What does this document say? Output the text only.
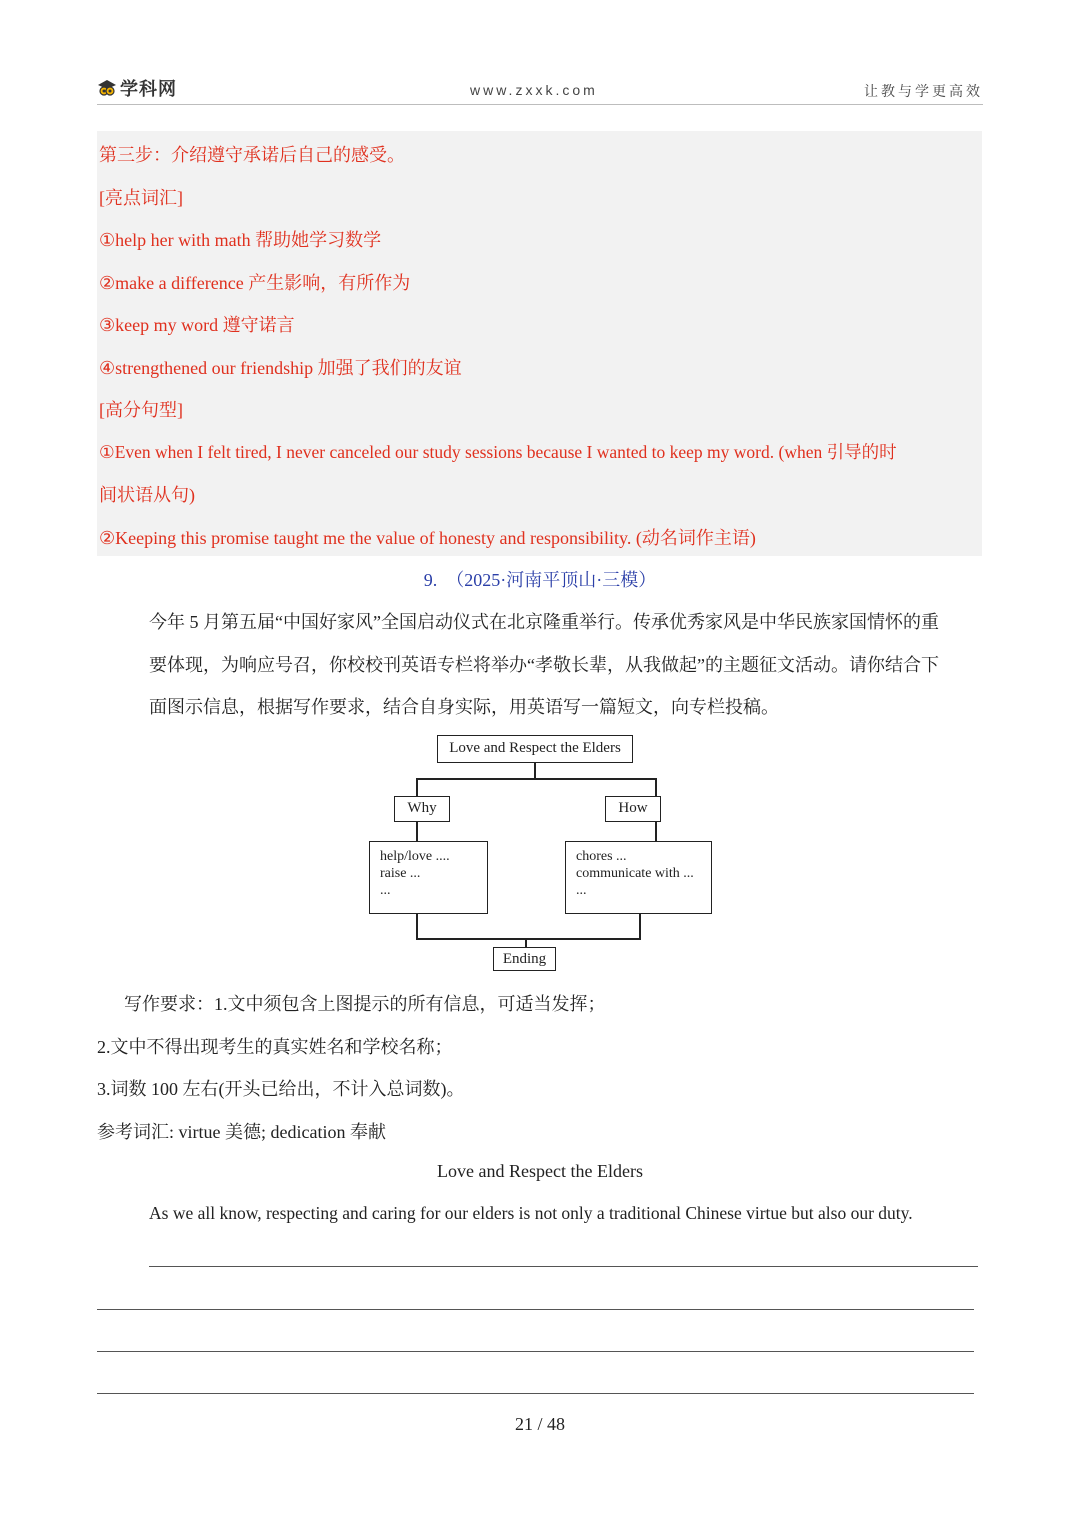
学科网	www.zxxk.com	让教与学更高效
第三步：介绍遵守承诺后自己的感受。
[亮点词汇]
①help her with math 帮助她学习数学
②make a difference 产生影响，有所作为
③keep my word 遵守诺言
④strengthened our friendship 加强了我们的友谊
[高分句型]
①Even when I felt tired, I never canceled our study sessions because I wanted to keep my word. (when 引导的时
间状语从句)
②Keeping this promise taught me the value of honesty and responsibility. (动名词作主语)
9.　（2025·河南平顶山·三模）
今年 5 月第五届“中国好家风”全国启动仪式在北京隆重举行。传承优秀家风是中华民族家国情怀的重
要体现，为响应号召，你校校刊英语专栏将举办“孝敬长辈，从我做起”的主题征文活动。请你结合下
面图示信息，根据写作要求，结合自身实际，用英语写一篇短文，向专栏投稿。
Love and Respect the Elders
Why	How
help/love ....
raise ...
...
chores ...
communicate with ...
...
Ending
写作要求：1.文中须包含上图提示的所有信息，可适当发挥；
2.文中不得出现考生的真实姓名和学校名称；
3.词数 100 左右(开头已给出，不计入总词数)。
参考词汇: virtue 美德; dedication 奉献
Love and Respect the Elders
As we all know, respecting and caring for our elders is not only a traditional Chinese virtue but also our duty.
21 / 48
